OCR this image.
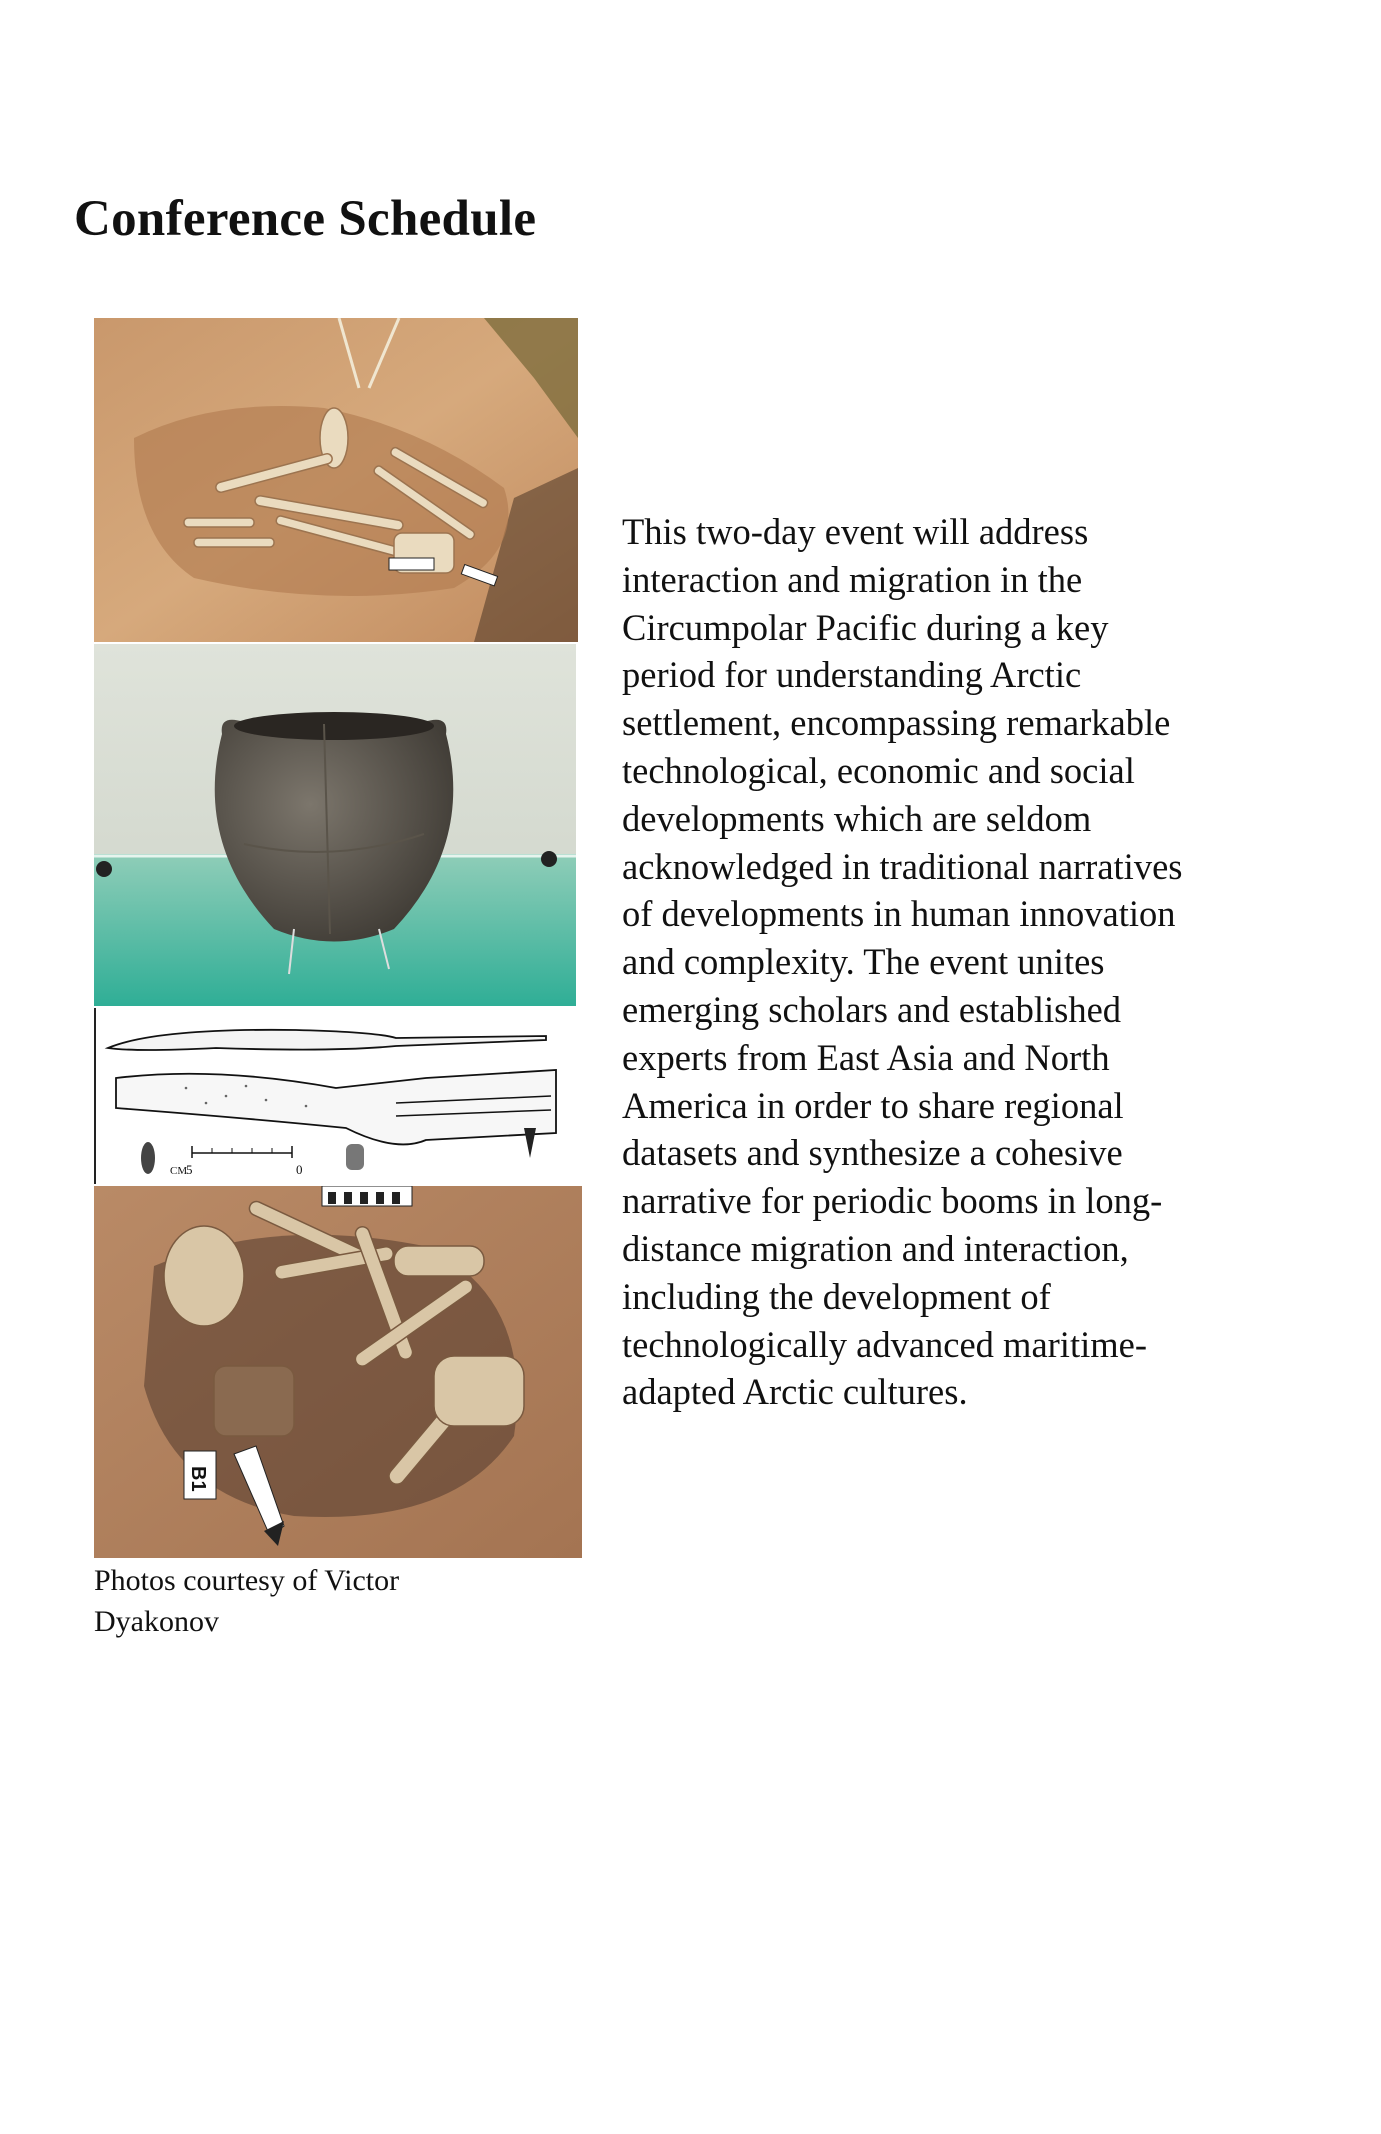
Conference Schedule
5
CM	0
B1

Photos courtesy of Victor Dyakonov

This two-day event will address
interaction and migration in the
Circumpolar Pacific during a key
period for understanding Arctic
settlement, encompassing remarkable
technological, economic and social
developments which are seldom
acknowledged in traditional narratives
of developments in human innovation
and complexity. The event unites
emerging scholars and established
experts from East Asia and North
America in order to share regional
datasets and synthesize a cohesive
narrative for periodic booms in long-
distance migration and interaction,
including the development of
technologically advanced maritime-
adapted Arctic cultures.
